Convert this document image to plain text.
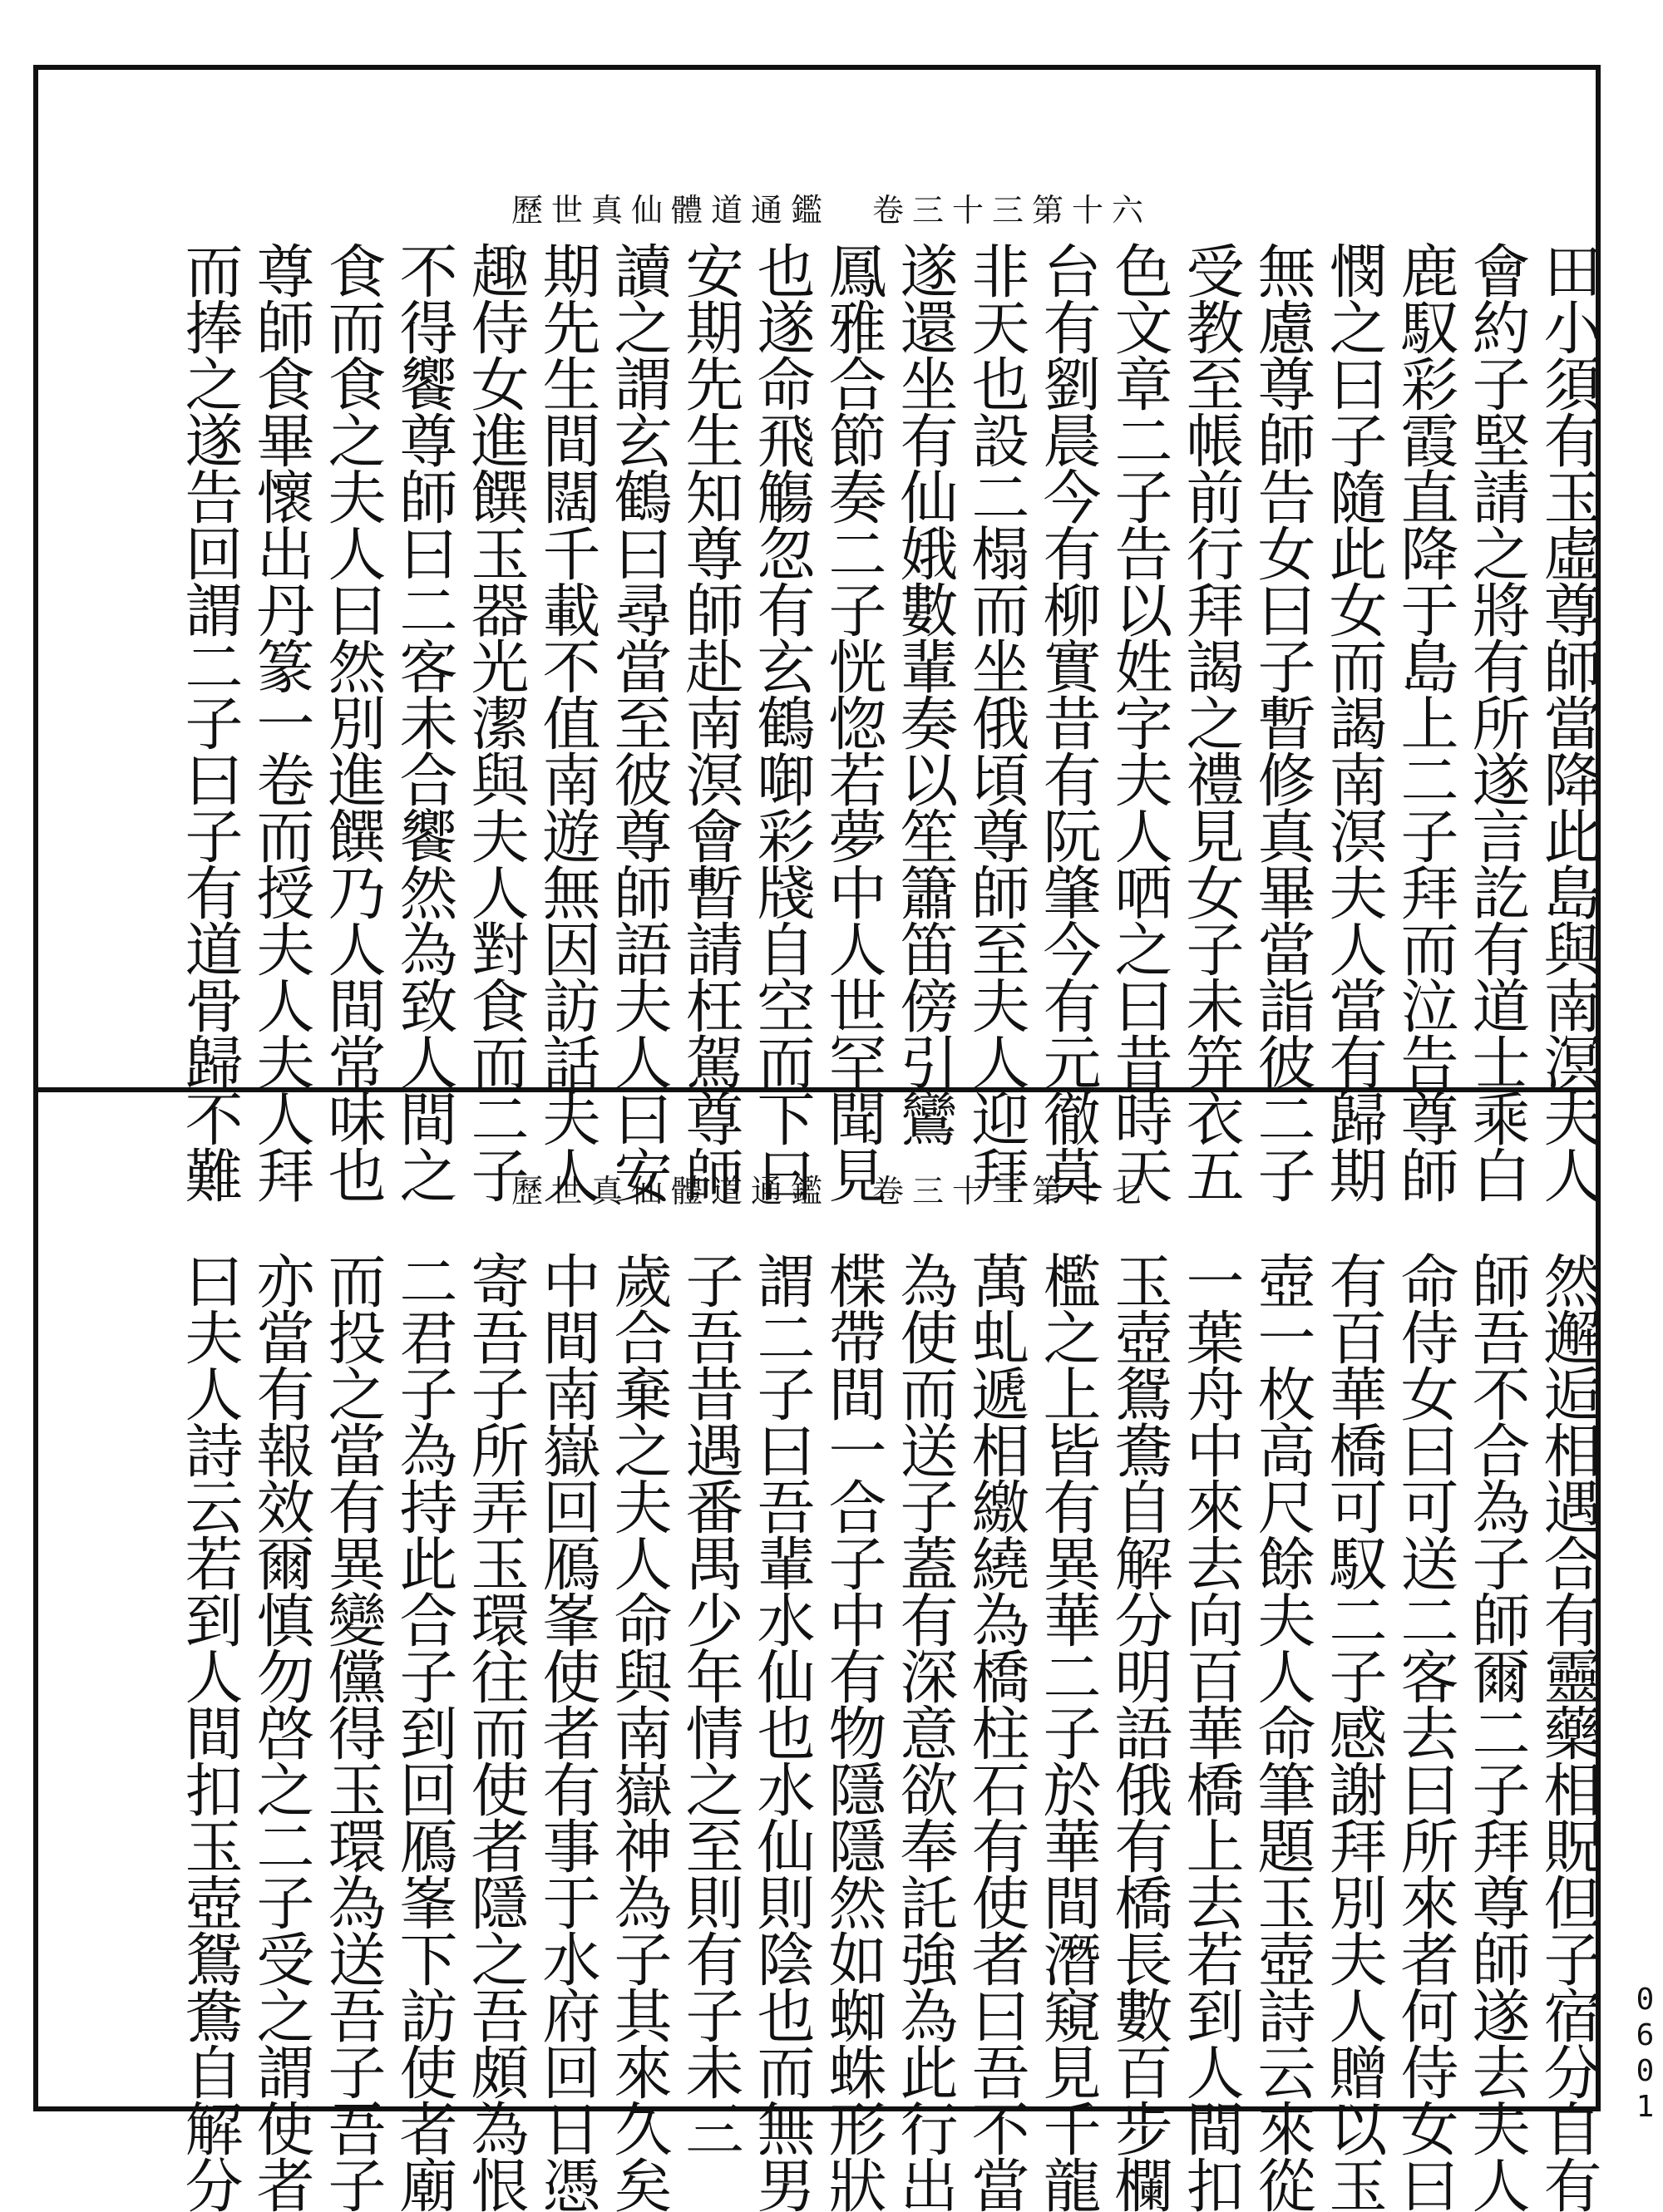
歷世真仙體道通鑑 卷三十三第十六
田小須有玉虛尊師當降此島與南溟夫人
會約子堅請之將有所遂言訖有道士乘白
鹿馭彩霞直降于島上二子拜而泣告尊師
憫之曰子隨此女而謁南溟夫人當有歸期
無慮尊師告女曰子暫修真畢當詣彼二子
受教至帳前行拜謁之禮見女子未笄衣五
色文章二子告以姓字夫人哂之曰昔時天
台有劉晨今有柳實昔有阮肇今有元徹莫
非天也設二榻而坐俄頃尊師至夫人迎拜
遂還坐有仙娥數輩奏以笙簫笛傍引鸞
鳳雅合節奏二子恍惚若夢中人世罕聞見
也遂命飛觴忽有玄鶴啣彩牋自空而下曰
安期先生知尊師赴南溟會暫請枉駕尊師
讀之謂玄鶴曰尋當至彼尊師語夫人曰安
期先生間闊千載不值南遊無因訪話夫人
趣侍女進饌玉器光潔與夫人對食而二子
不得饗尊師曰二客未合饗然為致人間之
食而食之夫人曰然別進饌乃人間常味也
尊師食畢懷出丹篆一卷而授夫人夫人拜
而捧之遂告回謂二子曰子有道骨歸不難	歷世真仙體道通鑑 卷三十三第十七
然邂逅相遇合有靈藥相貺但子宿分自有
師吾不合為子師爾二子拜尊師遂去夫人
命侍女曰可送二客去曰所來者何侍女曰
有百華橋可馭二子感謝拜別夫人贈以玉
壺一枚高尺餘夫人命筆題玉壺詩云來從
一葉舟中來去向百華橋上去若到人間扣
玉壺鴛鴦自解分明語俄有橋長數百步欄
檻之上皆有異華二子於華間潛窺見千龍
萬虬遞相繳繞為橋柱石有使者曰吾不當
為使而送子蓋有深意欲奉託強為此行出
楪帶間一合子中有物隱隱然如蜘蛛形狀
謂二子曰吾輩水仙也水仙則陰也而無男
子吾昔遇番禺少年情之至則有子未三
歲合棄之夫人命與南嶽神為子其來久矣
中間南嶽回鴈峯使者有事于水府回日憑
寄吾子所弄玉環往而使者隱之吾頗為恨
二君子為持此合子到回鴈峯下訪使者廟
而投之當有異變儻得玉環為送吾子吾子
亦當有報效爾慎勿啓之二子受之謂使者
曰夫人詩云若到人間扣玉壺鴛鴦自解分	0601
